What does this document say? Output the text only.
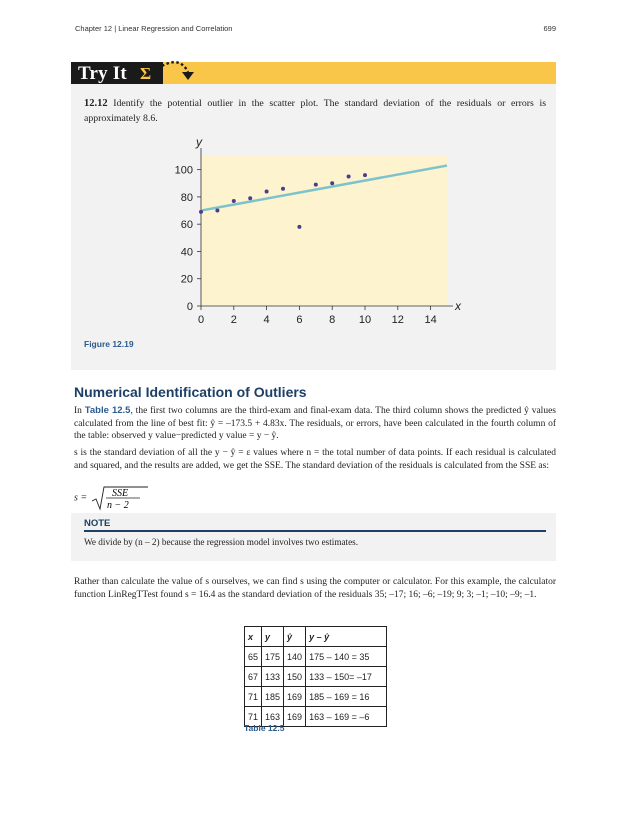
Chapter 12 | Linear Regression and Correlation	699
Try It Σ
12.12 Identify the potential outlier in the scatter plot. The standard deviation of the residuals or errors is approximately 8.6.
0
20
40
60
80
100
0 2 4 6 8 10 12 14
y
x
Figure 12.19
Numerical Identification of Outliers
In Table 12.5, the first two columns are the third-exam and final-exam data. The third column shows the predicted ŷ values calculated from the line of best fit: ŷ = –173.5 + 4.83x. The residuals, or errors, have been calculated in the fourth column of the table: observed y value−predicted y value = y − ŷ.
s is the standard deviation of all the y − ŷ = ε values where n = the total number of data points. If each residual is calculated and squared, and the results are added, we get the SSE. The standard deviation of the residuals is calculated from the SSE as:
s = SSE
n − 2
NOTE
We divide by (n – 2) because the regression model involves two estimates.
Rather than calculate the value of s ourselves, we can find s using the computer or calculator. For this example, the calculator function LinRegTTest found s = 16.4 as the standard deviation of the residuals 35; –17; 16; –6; –19; 9; 3; –1; –10; –9; –1.
x	y	ŷ	y – ŷ
65	175	140	175 – 140 = 35
67	133	150	133 – 150= –17
71	185	169	185 – 169 = 16
71	163	169	163 – 169 = –6
Table 12.5
